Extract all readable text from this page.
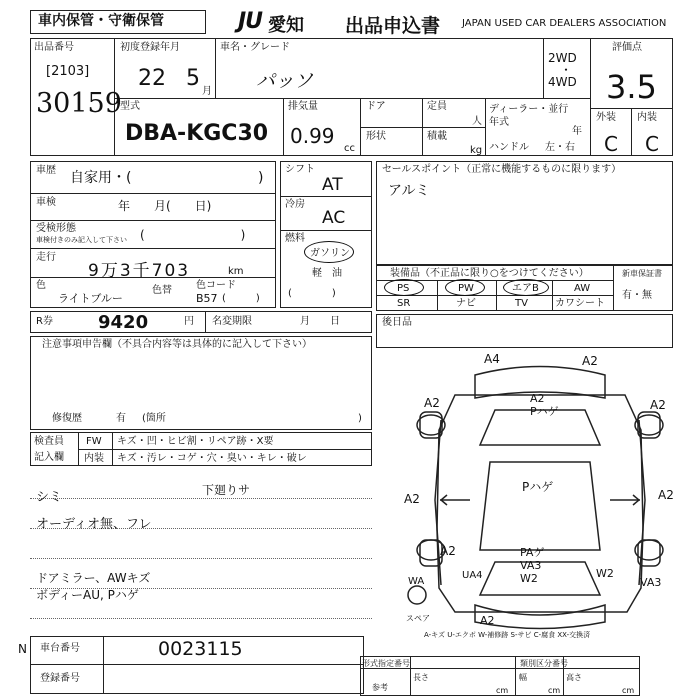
車内保管・守衛保管	JU 愛知 出品申込書 JAPAN USED CAR DEALERS ASSOCIATION
出品番号
[2103]
30159
初度登録年月
22 5
月
車名・グレード
パッソ
2WD
・
4WD
評価点
3.5
外装 内装
C C
型式
DBA-KGC30
排気量
0.99
cc
ドア	定員
人
形状	積載
kg
ディーラー・並行
年式
年
ハンドル 左・右
車歴 自家用・(	)
車検	年　　月(　　日)
受検形態
車検付きのみ記入して下さい (　　　　　　　　)
走行
9万3千703	km
色
ライトブルー
色替 色コード
B57 (　　　)
R券	9420	円 名変期限	月　　日
注意事項申告欄（不具合内容等は具体的に記入して下さい）
修復歴	有 (箇所	)
シフト
AT
冷房
AC
燃料
ガソリン
軽　油
(　　　　)
セールスポイント（正常に機能するものに限ります）
アルミ
装備品（不正品に限り○をつけてください）
PS	PW	エアB	AW
SR	ナビ	TV	カワシート
新車保証書
有・無
後日品
検査員
記入欄
FW キズ・凹・ヒビ割・リペア跡・X要
内装 キズ・汚レ・コゲ・穴・臭い・キレ・破レ
シミ	下廻りサ
オーディオ無、フレ
ドアミラー、AWキズ
ボディーAU, Pハゲ
A4	A2
A2	A2
A2
Pハゲ
Pハゲ
A2	A2
A2	PAゲ
VA3
W2	W2
WA
UA4
VA3
スペア	A2
A-キズ U-エクボ W-補修跡 S-サビ C-腐食 XX-交換済
N 車台番号	0023115
登録番号
形式指定番号	類別区分番号
参考
長さ
cm
幅
cm
高さ
cm
